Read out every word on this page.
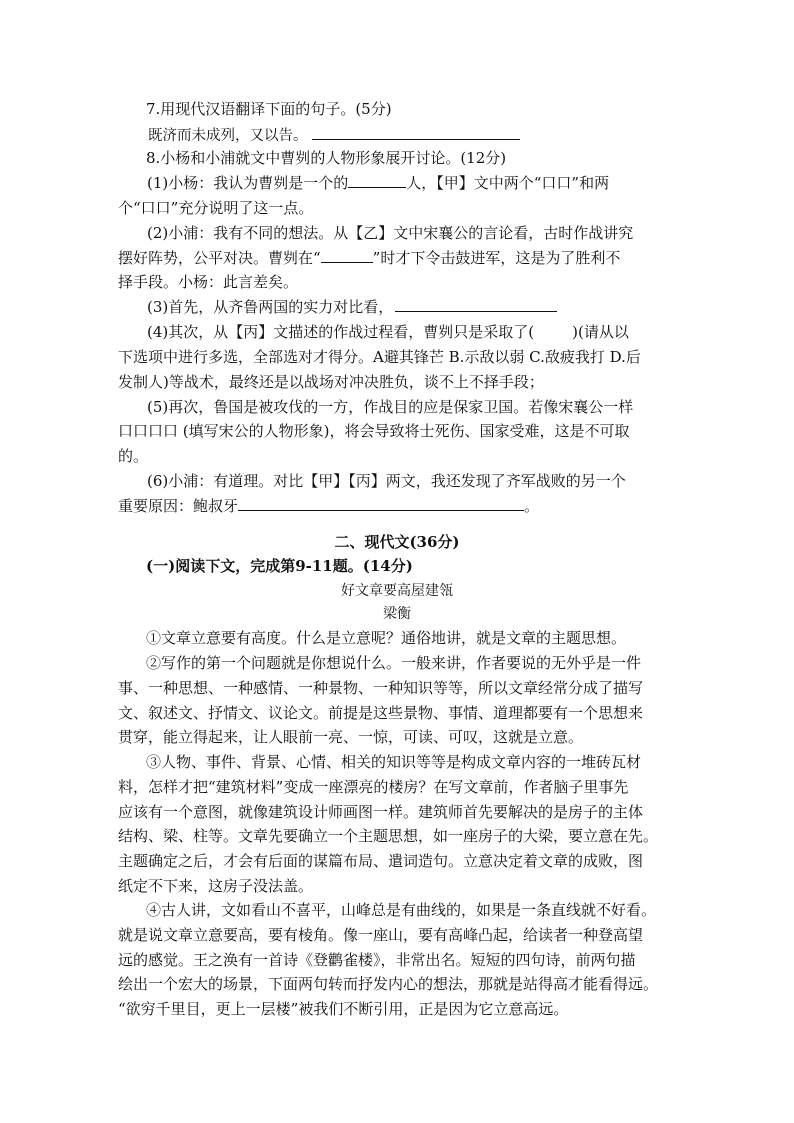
7.用现代汉语翻译下面的句子。(5分)

既济而未成列，又以告。

8.小杨和小浦就文中曹刿的人物形象展开讨论。(12分)

(1)小杨：我认为曹刿是一个的	人，【甲】文中两个“口口”和两

个“口口”充分说明了这一点。

(2)小浦：我有不同的想法。从【乙】文中宋襄公的言论看，古时作战讲究

摆好阵势，公平对决。曹刿在“	”时才下令击鼓进军，这是为了胜利不

择手段。小杨：此言差矣。

(3)首先，从齐鲁两国的实力对比看，

(4)其次，从【丙】文描述的作战过程看，曹刿只是采取了(	)(请从以

下选项中进行多选，全部选对才得分。A避其锋芒 B.示敌以弱 C.敌疲我打 D.后

发制人)等战术，最终还是以战场对冲决胜负，谈不上不择手段；

(5)再次，鲁国是被攻伐的一方，作战目的应是保家卫国。若像宋襄公一样

口口口口 (填写宋公的人物形象)，将会导致将士死伤、国家受难，这是不可取

的。

(6)小浦：有道理。对比【甲】【丙】两文，我还发现了齐军战败的另一个

重要原因：鲍叔牙	。

二、现代文(36分)

(一)阅读下文，完成第9-11题。(14分)

好文章要高屋建瓴

梁衡

①文章立意要有高度。什么是立意呢？通俗地讲，就是文章的主题思想。

②写作的第一个问题就是你想说什么。一般来讲，作者要说的无外乎是一件

事、一种思想、一种感情、一种景物、一种知识等等，所以文章经常分成了描写

文、叙述文、抒情文、议论文。前提是这些景物、事情、道理都要有一个思想来

贯穿，能立得起来，让人眼前一亮、一惊，可读、可叹，这就是立意。

③人物、事件、背景、心情、相关的知识等等是构成文章内容的一堆砖瓦材

料，怎样才把“建筑材料”变成一座漂亮的楼房？在写文章前，作者脑子里事先

应该有一个意图，就像建筑设计师画图一样。建筑师首先要解决的是房子的主体

结构、梁、柱等。文章先要确立一个主题思想，如一座房子的大梁，要立意在先。

主题确定之后，才会有后面的谋篇布局、遣词造句。立意决定着文章的成败，图

纸定不下来，这房子没法盖。

④古人讲，文如看山不喜平，山峰总是有曲线的，如果是一条直线就不好看。

就是说文章立意要高，要有棱角。像一座山，要有高峰凸起，给读者一种登高望

远的感觉。王之涣有一首诗《登鹳雀楼》，非常出名。短短的四句诗，前两句描

绘出一个宏大的场景，下面两句转而抒发内心的想法，那就是站得高才能看得远。

“欲穷千里目，更上一层楼”被我们不断引用，正是因为它立意高远。
